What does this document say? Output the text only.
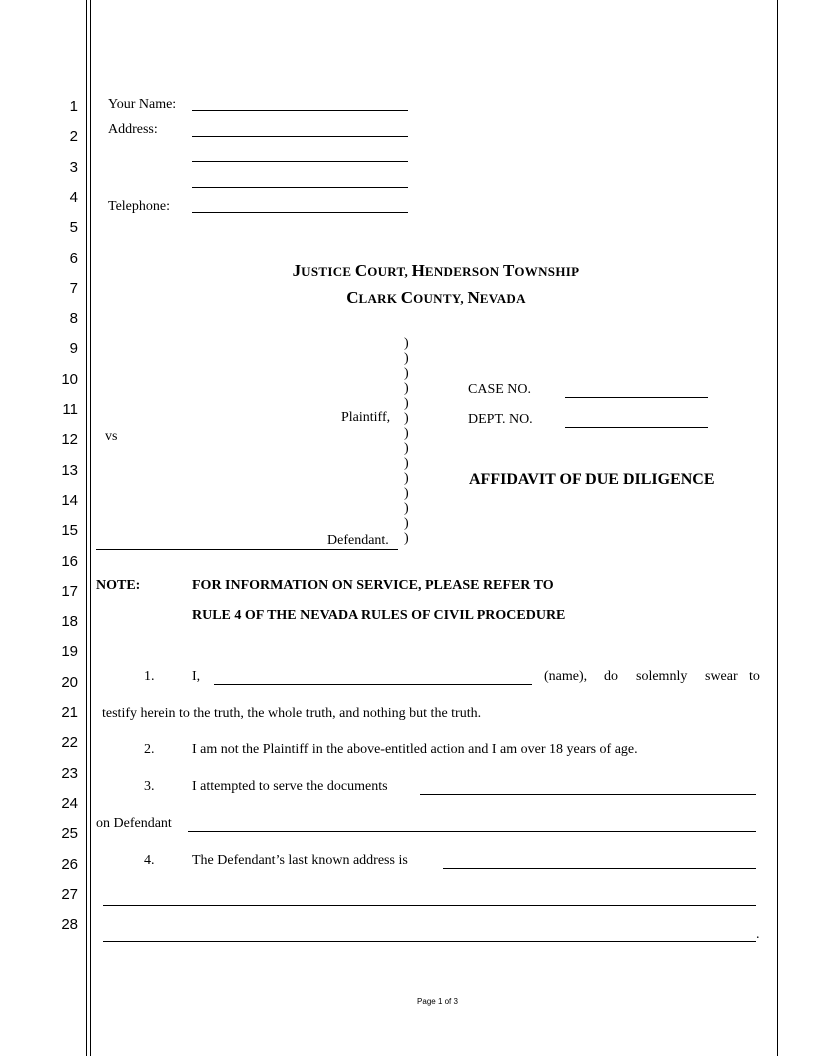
1
2
3
4
5
6
7
8
9
10
11
12
13
14
15
16
17
18
19
20
21
22
23
24
25
26
27
28
Your Name:
Address:
Telephone:
JUSTICE COURT, HENDERSON TOWNSHIP
CLARK COUNTY, NEVADA
)
)
)
)
)
)
)
)
)
)
)
)
)
)
Plaintiff,
vs
Defendant.
CASE NO.
DEPT. NO.
AFFIDAVIT OF DUE DILIGENCE
NOTE:	FOR INFORMATION ON SERVICE, PLEASE REFER TO
RULE 4 OF THE NEVADA RULES OF CIVIL PROCEDURE
1.	I,	(name), do solemnly swear to
testify herein to the truth, the whole truth, and nothing but the truth.
2.	I am not the Plaintiff in the above-entitled action and I am over 18 years of age.
3.	I attempted to serve the documents
on Defendant
4.	The Defendant’s last known address is
.
Page 1 of 3
